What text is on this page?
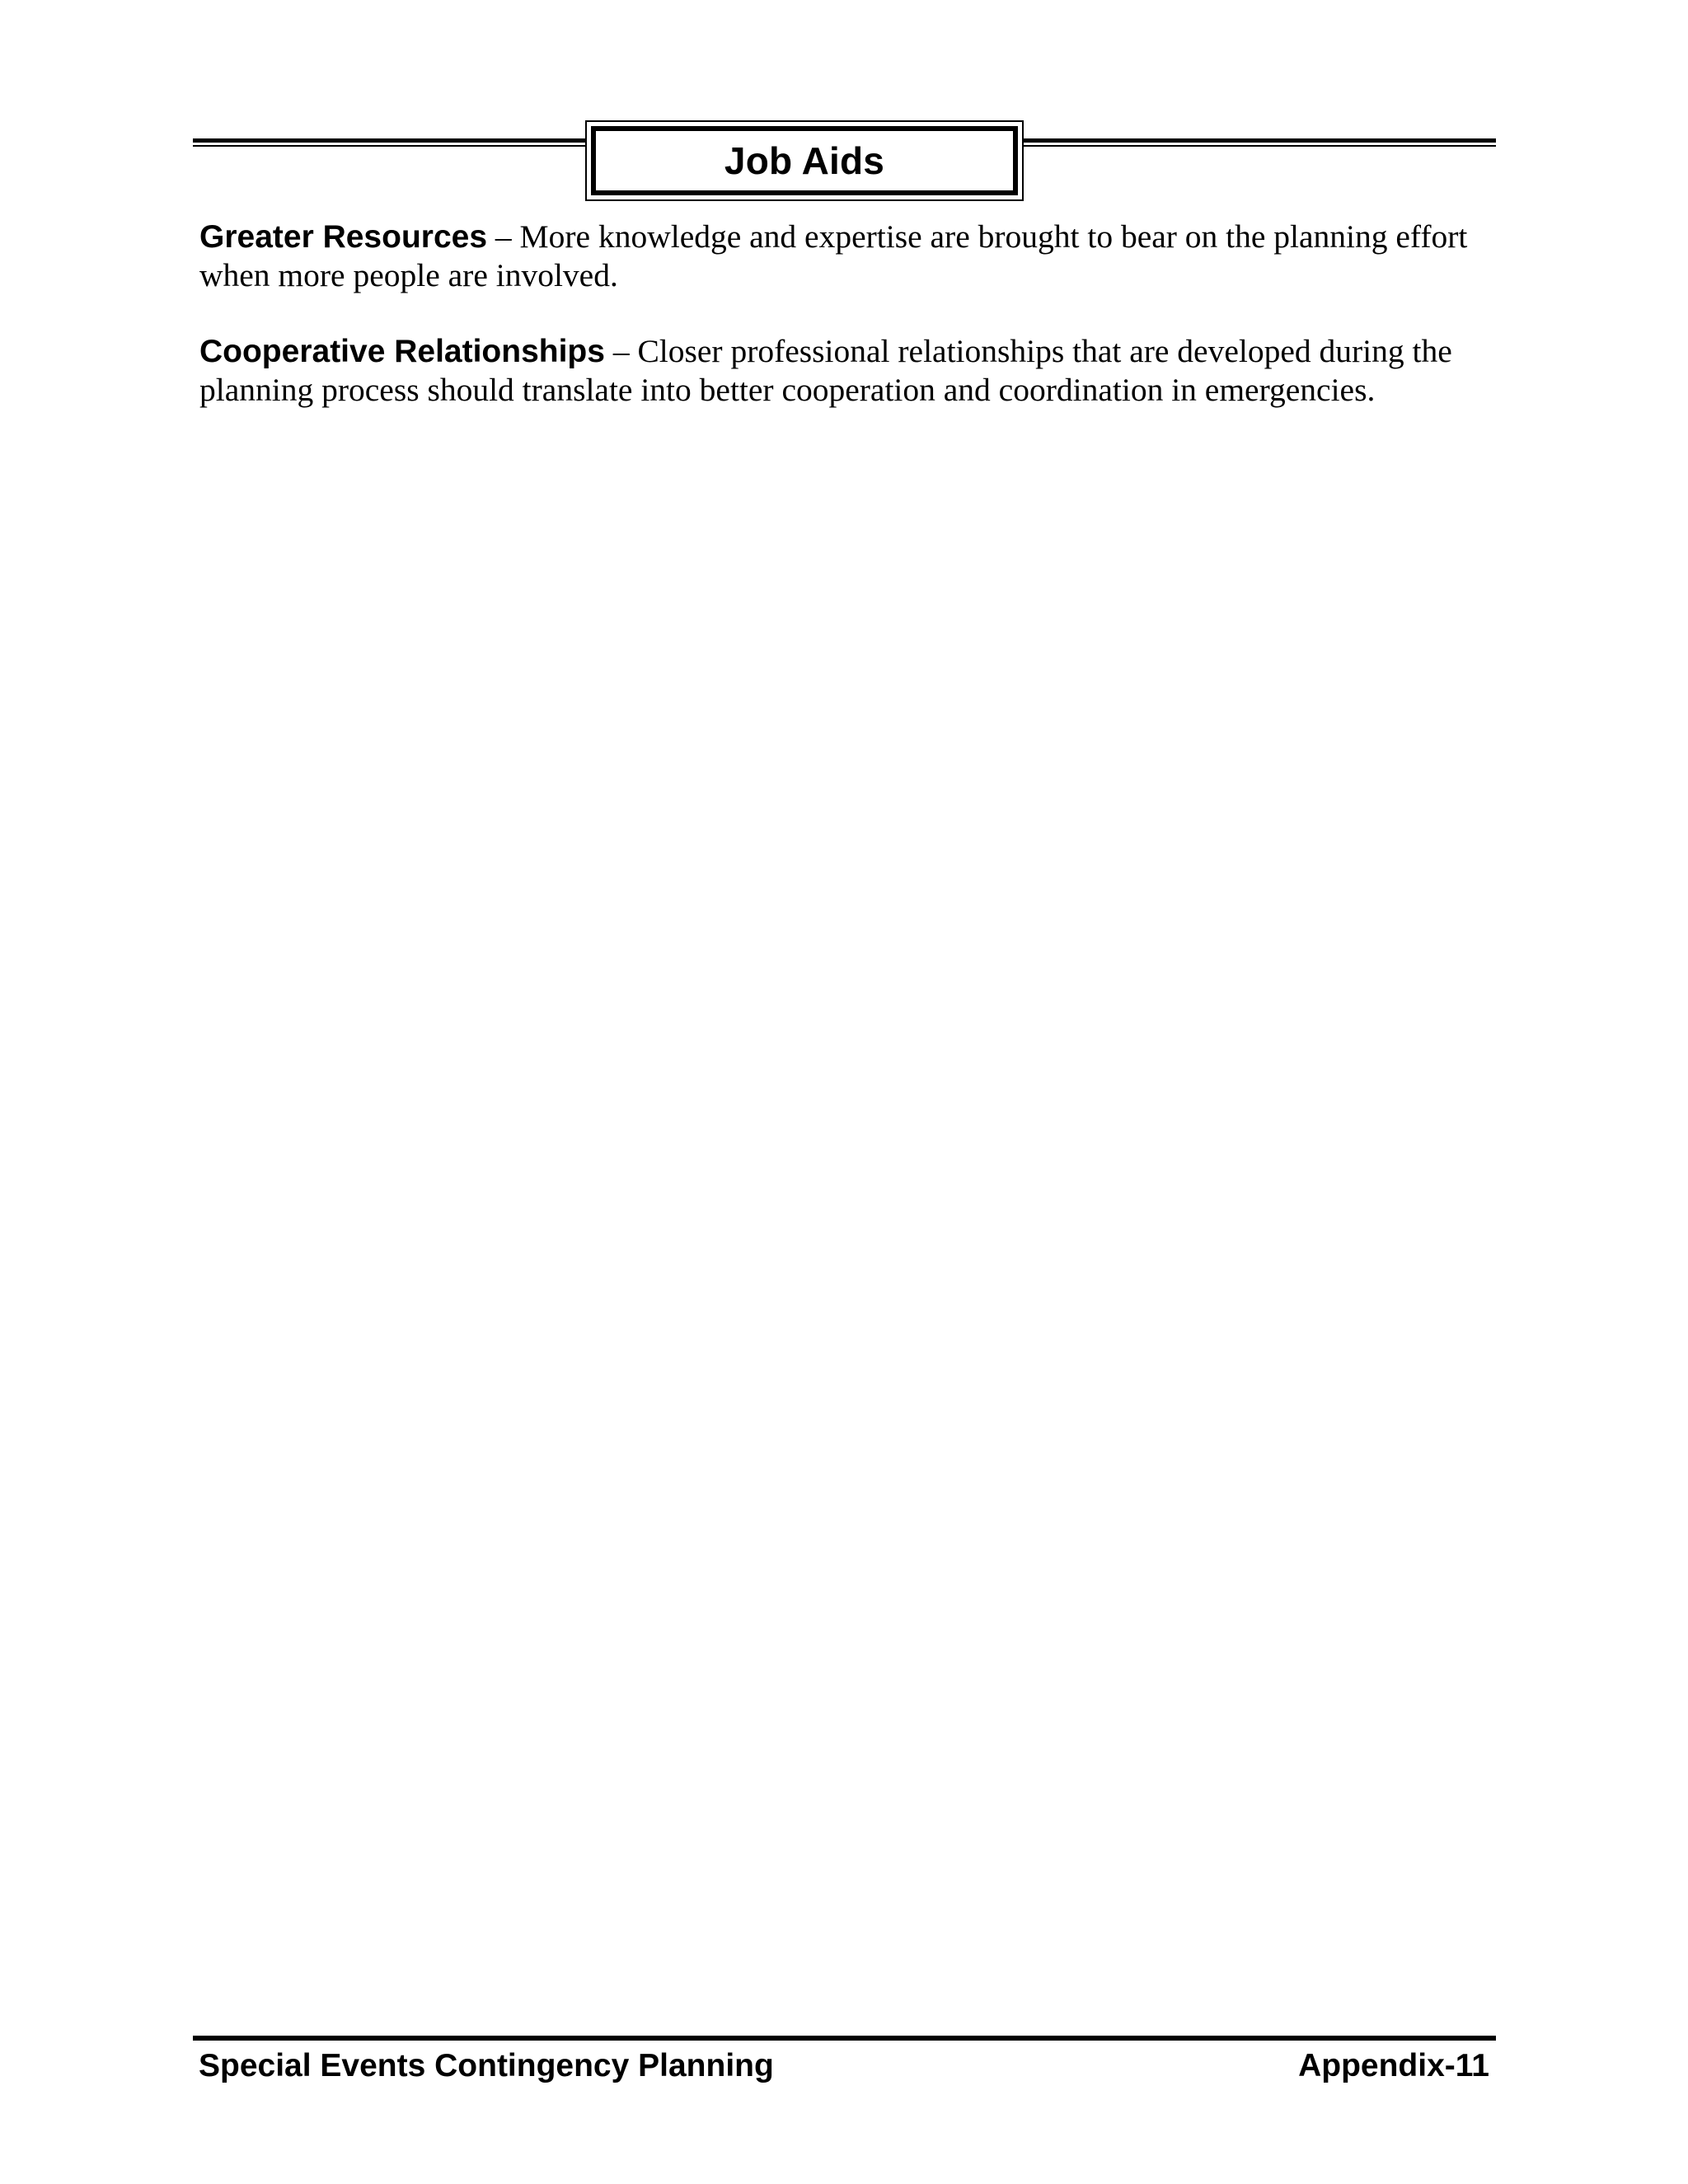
Job Aids

Greater Resources – More knowledge and expertise are brought to bear on the planning effort when more people are involved.

Cooperative Relationships – Closer professional relationships that are developed during the planning process should translate into better cooperation and coordination in emergencies.

Special Events Contingency Planning	Appendix-11
